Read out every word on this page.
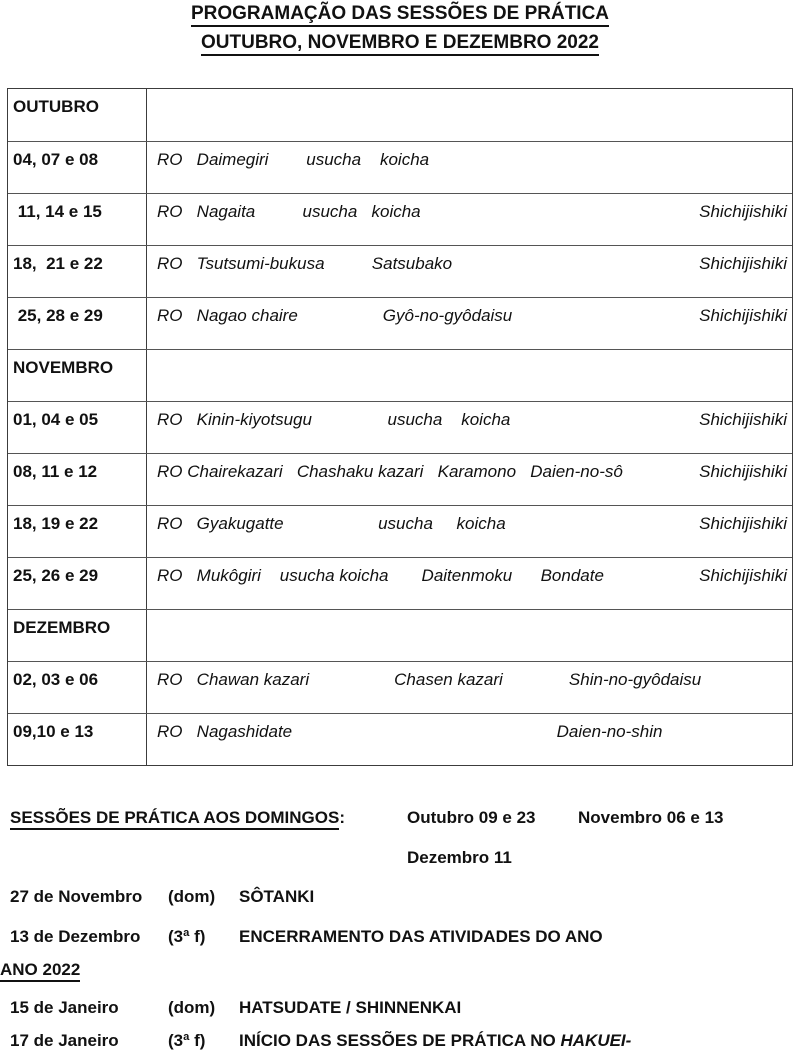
PROGRAMAÇÃO DAS SESSÕES DE PRÁTICA
OUTUBRO, NOVEMBRO E DEZEMBRO 2022
OUTUBRO
04, 07 e 08	RO   Daimegiri        usucha    koicha
11, 14 e 15	RO   Nagaita          usucha   koicha	Shichijishiki
18,  21 e 22	RO   Tsutsumi-bukusa          Satsubako	Shichijishiki
25, 28 e 29	RO   Nagao chaire                  Gyô-no-gyôdaisu	Shichijishiki
NOVEMBRO
01, 04 e 05	RO   Kinin-kiyotsugu                usucha    koicha	Shichijishiki
08, 11 e 12	RO Chairekazari   Chashaku kazari   Karamono   Daien-no-sô	Shichijishiki
18, 19 e 22	RO   Gyakugatte                    usucha     koicha	Shichijishiki
25, 26 e 29	RO   Mukôgiri    usucha koicha       Daitenmoku      Bondate	Shichijishiki
DEZEMBRO
02, 03 e 06	RO   Chawan kazari                  Chasen kazari              Shin-no-gyôdaisu
09,10 e 13	RO   Nagashidate                                                        Daien-no-shin
SESSÕES DE PRÁTICA AOS DOMINGOS:	Outubro 09 e 23	Novembro 06 e 13
Dezembro 11
27 de Novembro	(dom)	SÔTANKI
13 de Dezembro	(3ª f)	ENCERRAMENTO DAS ATIVIDADES DO ANO
ANO 2022
15 de Janeiro	(dom)	HATSUDATE / SHINNENKAI
17 de Janeiro	(3ª f)	INÍCIO DAS SESSÕES DE PRÁTICA NO HAKUEI-
